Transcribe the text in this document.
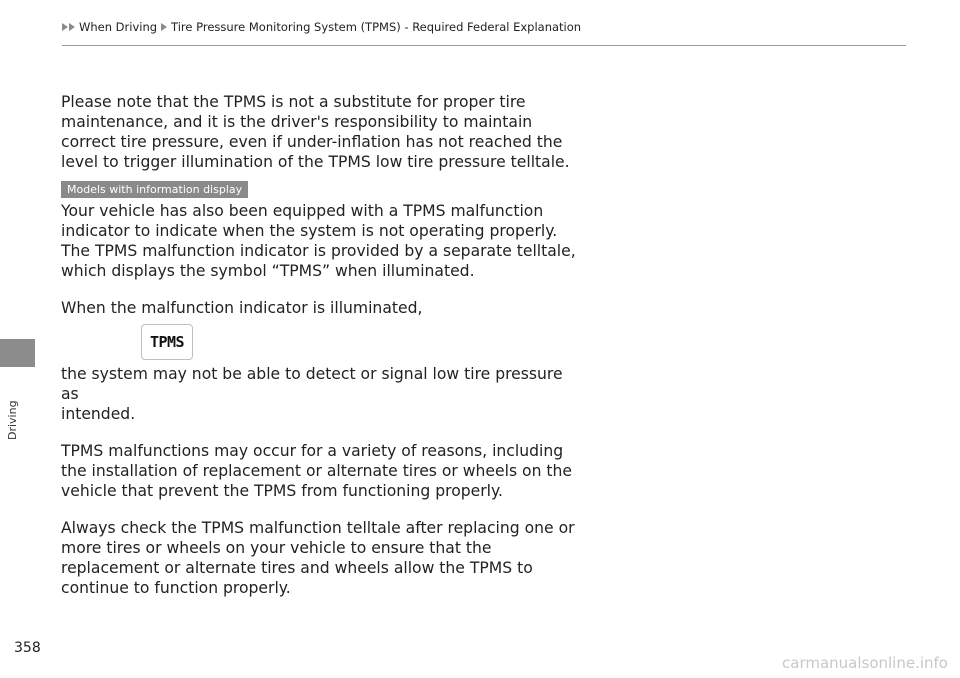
When Driving Tire Pressure Monitoring System (TPMS) - Required Federal Explanation
Driving
358

Please note that the TPMS is not a substitute for proper tire
maintenance, and it is the driver's responsibility to maintain
correct tire pressure, even if under-inflation has not reached the
level to trigger illumination of the TPMS low tire pressure telltale.

Models with information display

Your vehicle has also been equipped with a TPMS malfunction
indicator to indicate when the system is not operating properly.
The TPMS malfunction indicator is provided by a separate telltale,
which displays the symbol “TPMS” when illuminated.

When the malfunction indicator is illuminated,

TPMS

the system may not be able to detect or signal low tire pressure as
intended.

TPMS malfunctions may occur for a variety of reasons, including
the installation of replacement or alternate tires or wheels on the
vehicle that prevent the TPMS from functioning properly.

Always check the TPMS malfunction telltale after replacing one or
more tires or wheels on your vehicle to ensure that the
replacement or alternate tires and wheels allow the TPMS to
continue to function properly.

carmanualsonline.info
